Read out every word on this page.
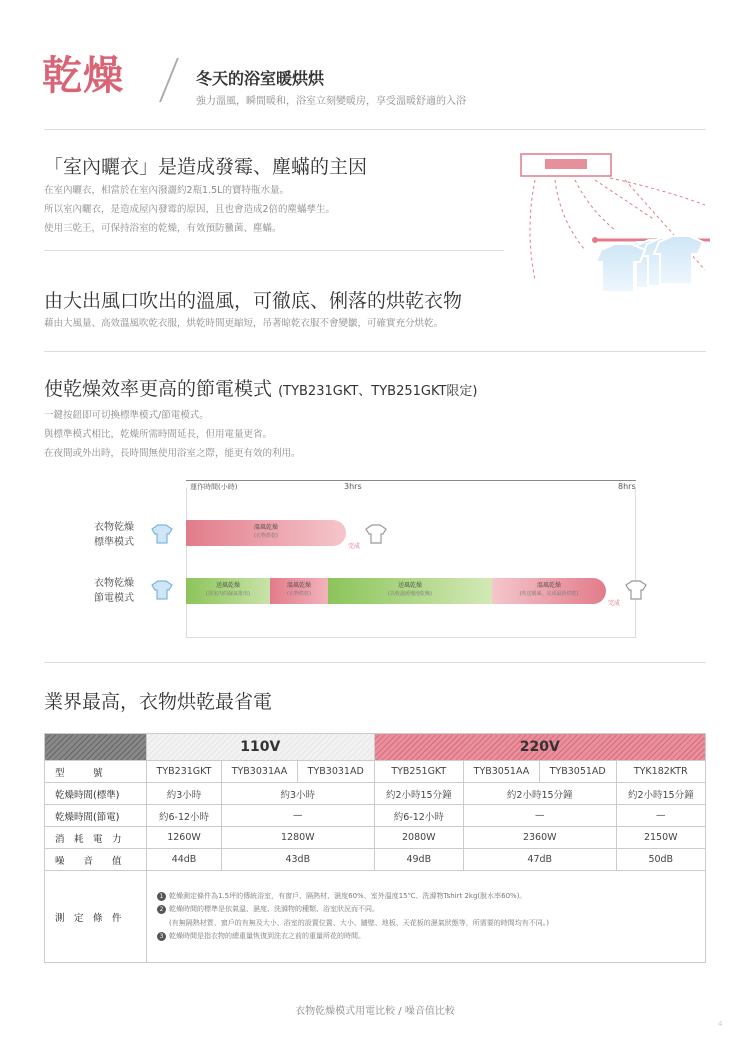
乾燥	冬天的浴室暖烘烘
強力溫風，瞬間暖和，浴室立刻變暖房，享受溫暖舒適的入浴
「室內曬衣」是造成發霉、塵蟎的主因
在室內曬衣，相當於在室內潑灑約2瓶1.5L的寶特瓶水量。
所以室內曬衣，是造成屋內發霉的原因，且也會造成2倍的塵蟎孳生。
使用三乾王，可保持浴室的乾燥，有效預防黴菌、塵蟎。
由大出風口吹出的溫風，可徹底、俐落的烘乾衣物
藉由大風量、高效溫風吹乾衣服，烘乾時間更縮短，吊著晾乾衣服不會變皺，可確實充分烘乾。
使乾燥效率更高的節電模式 (TYB231GKT、TYB251GKT限定)
一鍵按鈕即可切換標準模式/節電模式。
與標準模式相比，乾燥所需時間延長，但用電量更省。
在夜間或外出時，長時間無使用浴室之際，能更有效的利用。
運作時間(小時)	3hrs	8hrs
衣物乾燥
標準模式
溫風乾燥
(衣物烘乾)
完成
衣物乾燥
節電模式
送風乾燥
(浴室內的濕氣排出)
溫風乾燥
(衣物烘乾)
送風乾燥
(以較溫緩慢地乾燥)
溫風乾燥
(吹送暖風，完成最終烘乾)
完成
業界最高，衣物烘乾最省電
	110V			220V			
型　　　號	TYB231GKT	TYB3031AA	TYB3031AD	TYB251GKT	TYB3051AA	TYB3051AD	TYK182KTR
乾燥時間(標準)	約3小時	約3小時		約2小時15分鐘	約2小時15分鐘		約2小時15分鐘
乾燥時間(節電)	約6-12小時	—		約6-12小時	—		—
消　耗　電　力	1260W	1280W		2080W	2360W		2150W
噪　　音　　值	44dB	43dB		49dB	47dB		50dB
測　定　條　件	1 乾燥測定條件為1.5坪的傳統浴室，有窗戶、隔熱材、濕度60%、室外溫度15℃、洗滌物Tshirt 2kg(脫水率60%)。
2 乾燥時間的標準是依氣溫、濕度、洗滌物的種類、浴室狀況而不同。
(有無隔熱材質、窗戶的有無及大小、浴室的設置位置、大小、牆壁、地板、天花板的濕氣狀態等，所需要的時間均有不同。)
3 乾燥時間是指衣物的總重量恢復到洗衣之前的重量所花的時間。						
衣物乾燥模式用電比較 / 噪音值比較
4
